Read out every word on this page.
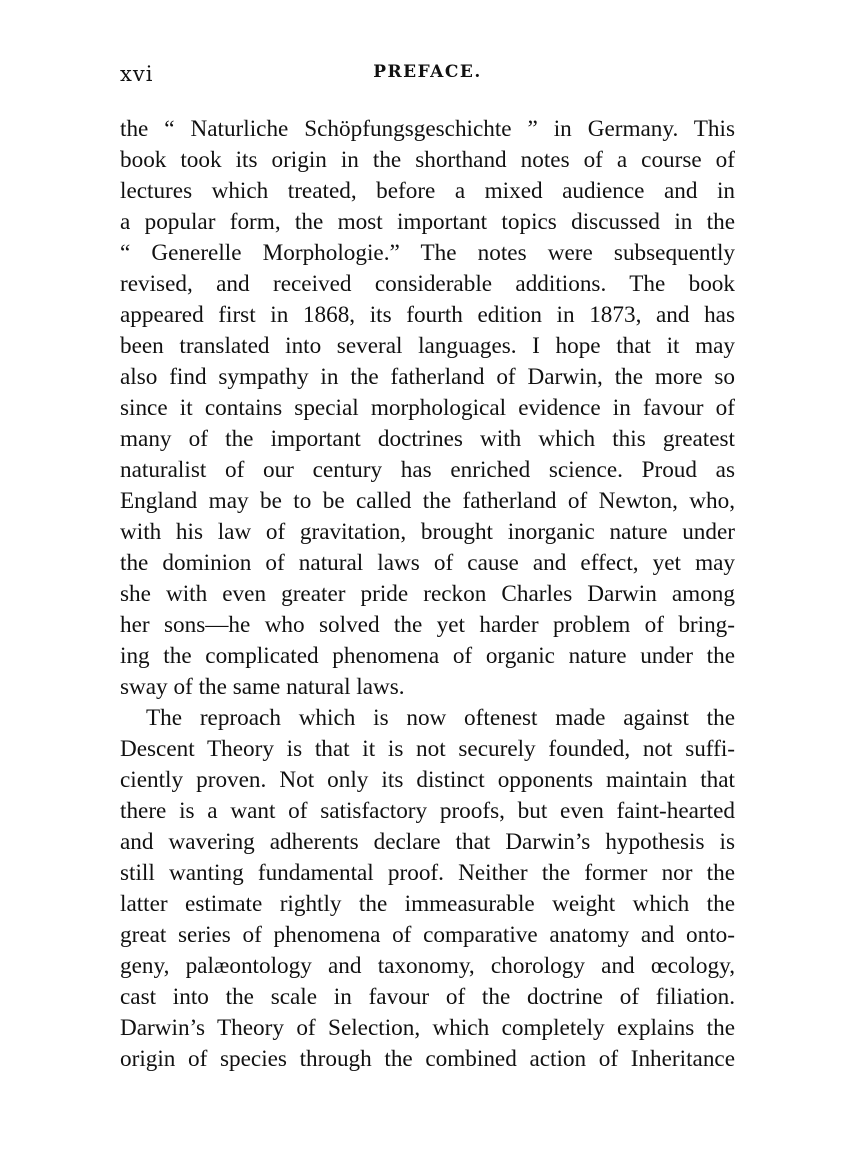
xvi	PREFACE.
the “ Naturliche Schöpfungsgeschichte ” in Germany. This
book took its origin in the shorthand notes of a course of
lectures which treated, before a mixed audience and in
a popular form, the most important topics discussed in the
“ Generelle Morphologie.” The notes were subsequently
revised, and received considerable additions. The book
appeared first in 1868, its fourth edition in 1873, and has
been translated into several languages. I hope that it may
also find sympathy in the fatherland of Darwin, the more so
since it contains special morphological evidence in favour of
many of the important doctrines with which this greatest
naturalist of our century has enriched science. Proud as
England may be to be called the fatherland of Newton, who,
with his law of gravitation, brought inorganic nature under
the dominion of natural laws of cause and effect, yet may
she with even greater pride reckon Charles Darwin among
her sons—he who solved the yet harder problem of bring-
ing the complicated phenomena of organic nature under the
sway of the same natural laws.
The reproach which is now oftenest made against the
Descent Theory is that it is not securely founded, not suffi-
ciently proven. Not only its distinct opponents maintain that
there is a want of satisfactory proofs, but even faint-hearted
and wavering adherents declare that Darwin’s hypothesis is
still wanting fundamental proof. Neither the former nor the
latter estimate rightly the immeasurable weight which the
great series of phenomena of comparative anatomy and onto-
geny, palæontology and taxonomy, chorology and œcology,
cast into the scale in favour of the doctrine of filiation.
Darwin’s Theory of Selection, which completely explains the
origin of species through the combined action of Inheritance
